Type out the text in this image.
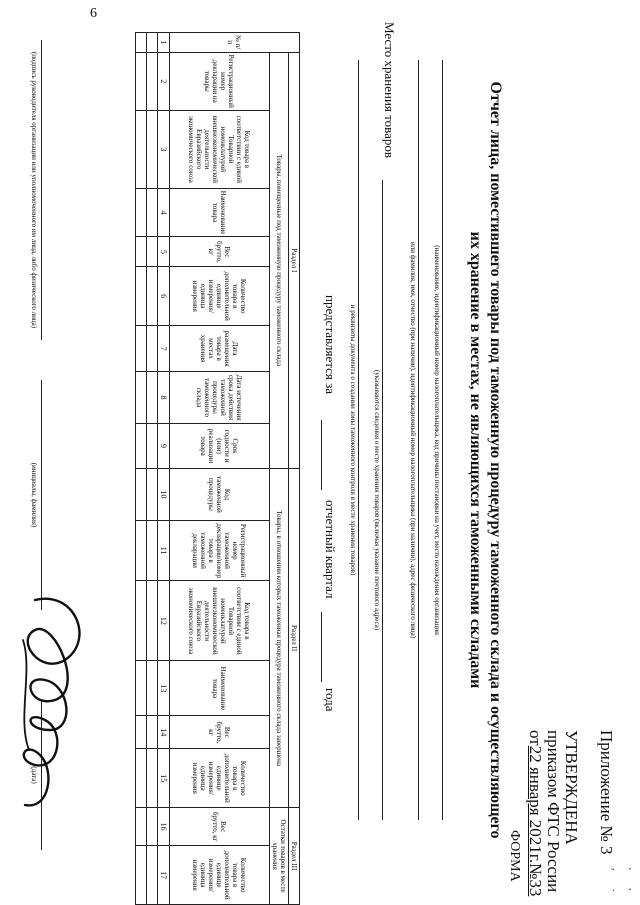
6
' ' , .
Приложение № 3
УТВЕРЖДЕНА
приказом ФТС России
от22 января 2021г.№33
ФОРМА
Отчет лица, поместившего товары под таможенную процедуру таможенного склада и осуществляющего
их хранение в местах, не являющихся таможенными складами
(наименование, идентификационный номер налогоплательщика, код причины постановки на учет, место нахождения организации
или фамилия, имя, отчество (при наличии), идентификационный номер налогоплательщика (при наличии), адрес физического лица)
Место хранения товаров
(указываются сведения о месте хранения товаров (включая указание почтового адреса)
и реквизиты документа о создании зоны таможенного контроля в месте хранения товаров)
представляется за
отчетный квартал
года
№ п/п	Раздел I								Раздел II						Раздел III	
	Товары, помещенные под таможенную процедуру таможенного склада								Товары, в отношении которых таможенная процедура таможенного склада завершена						Остатки товаров в месте хранения	
	Регистрационный номер декларации на товары	Код товара в соответствии с единой Товарной номенклатурой внешнеэкономической деятельности Евразийского экономического союза	Наименование товара	Вес брутто, кг	Количество товара в дополнительной единице измерения/единица измерения	Дата размещения товара в местах хранения	Дата истечения срока действия таможенной процедуры таможенного склада	Срок годности и (или) реализации товара	Код таможенной процедуры	Регистрационный номер таможенной декларации/номер товара в таможенной декларации	Код товара в соответствии с единой Товарной номенклатурой внешнеэкономической деятельности Евразийского экономического союза	Наименование товара	Вес брутто, кг	Количество товара в дополнительной единице измерения/единица измерения	Вес брутто, кг	Количество товара в дополнительной единице измерения/единица измерения
1	2	3	4	5	6	7	8	9	10	11	12	13	14	15	16	17

(подпись руководителя организации или уполномоченного им лица, либо физического лица)
(инициалы, фамилия)
(дата)
